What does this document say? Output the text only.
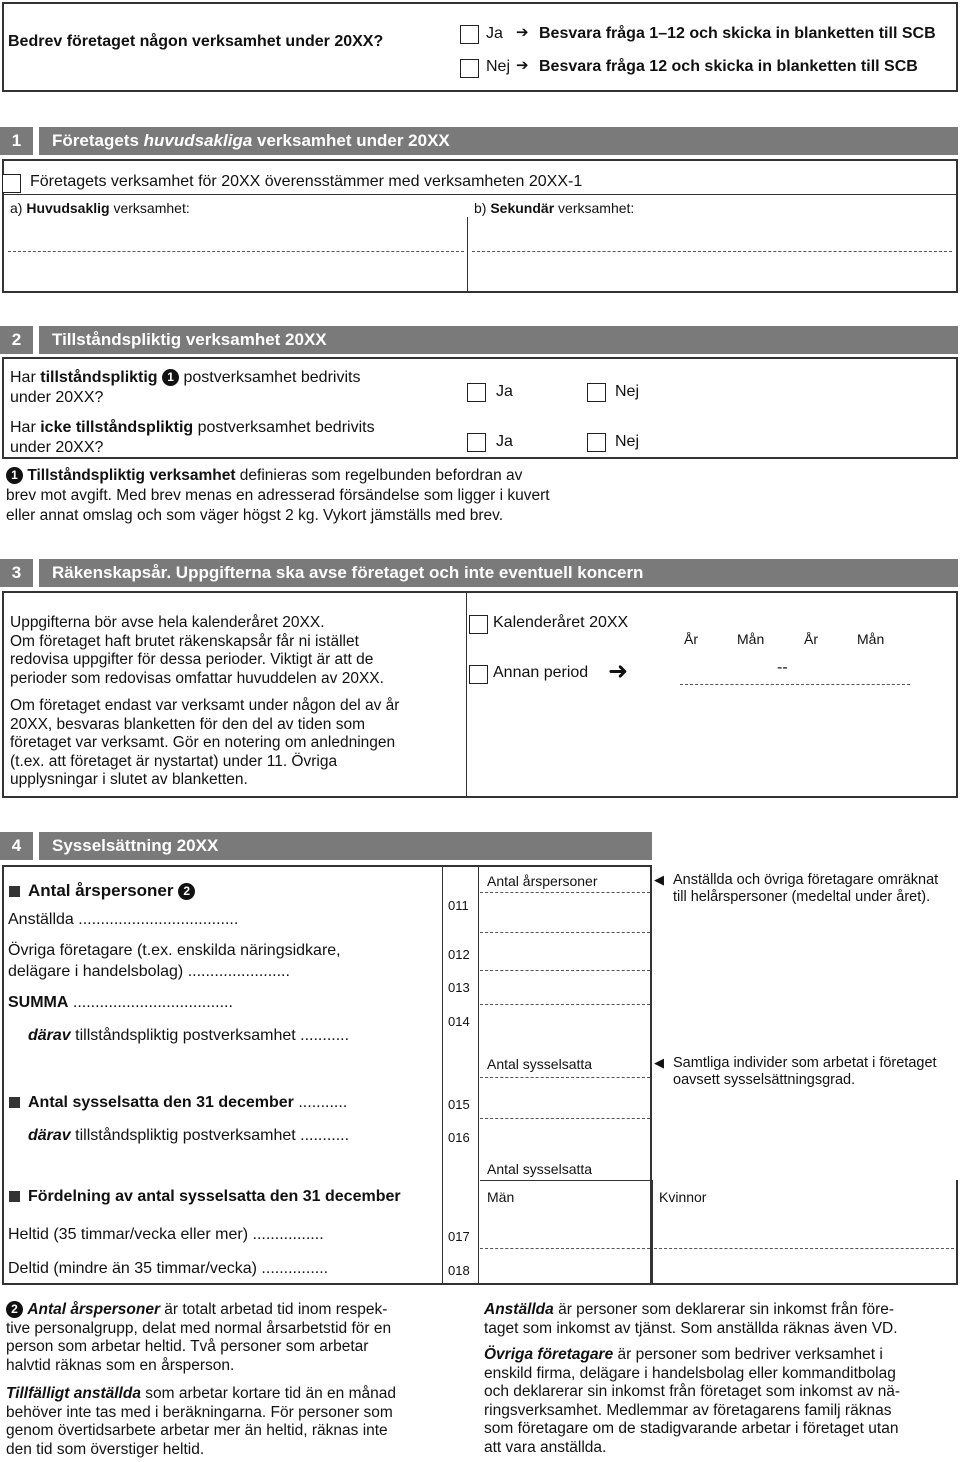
Bedrev företaget någon verksamhet under 20XX?	Ja ➔ Besvara fråga 1–12 och skicka in blanketten till SCB
Nej ➔ Besvara fråga 12 och skicka in blanketten till SCB
1	Företagets huvudsakliga verksamhet under 20XX
Företagets verksamhet för 20XX överensstämmer med verksamheten 20XX-1
a) Huvudsaklig verksamhet:	b) Sekundär verksamhet:
2	Tillståndspliktig verksamhet 20XX
Har tillståndspliktig 1 postverksamhet bedrivits
under 20XX?	Ja	Nej
Har icke tillståndspliktig postverksamhet bedrivits
under 20XX?	Ja	Nej
1 Tillståndspliktig verksamhet definieras som regelbunden befordran av
brev mot avgift. Med brev menas en adresserad försändelse som ligger i kuvert
eller annat omslag och som väger högst 2 kg. Vykort jämställs med brev.
3	Räkenskapsår. Uppgifterna ska avse företaget och inte eventuell koncern
Uppgifterna bör avse hela kalenderåret 20XX.
Om företaget haft brutet räkenskapsår får ni istället
redovisa uppgifter för dessa perioder. Viktigt är att de
perioder som redovisas omfattar huvuddelen av 20XX.
Om företaget endast var verksamt under någon del av år
20XX, besvaras blanketten för den del av tiden som
företaget var verksamt. Gör en notering om anledningen
(t.ex. att företaget är nystartat) under 11. Övriga
upplysningar i slutet av blanketten.
Kalenderåret 20XX
Annan period ➜
År	Mån	År	Mån
--
4	Sysselsättning 20XX
Antal årspersoner 2
Anställda ....................................
011
Övriga företagare (t.ex. enskilda näringsidkare,
delägare i handelsbolag) .......................
012
SUMMA ....................................
013
därav tillståndspliktig postverksamhet ...........
014
Antal årspersoner	◀ Anställda och övriga företagare omräknat
till helårspersoner (medeltal under året).
Antal sysselsatta	◀ Samtliga individer som arbetat i företaget
oavsett sysselsättningsgrad.
Antal sysselsatta den 31 december ...........	015
därav tillståndspliktig postverksamhet ...........	016
Antal sysselsatta
Män	Kvinnor
Fördelning av antal sysselsatta den 31 december
Heltid (35 timmar/vecka eller mer) ................	017
Deltid (mindre än 35 timmar/vecka) ...............	018
2 Antal årspersoner är totalt arbetad tid inom respek-
tive personalgrupp, delat med normal årsarbetstid för en
person som arbetar heltid. Två personer som arbetar
halvtid räknas som en årsperson.
Tillfälligt anställda som arbetar kortare tid än en månad
behöver inte tas med i beräkningarna. För personer som
genom övertidsarbete arbetar mer än heltid, räknas inte
den tid som överstiger heltid.
Anställda är personer som deklarerar sin inkomst från före-
taget som inkomst av tjänst. Som anställda räknas även VD.
Övriga företagare är personer som bedriver verksamhet i
enskild firma, delägare i handelsbolag eller kommanditbolag
och deklarerar sin inkomst från företaget som inkomst av nä-
ringsverksamhet. Medlemmar av företagarens familj räknas
som företagare om de stadigvarande arbetar i företaget utan
att vara anställda.
